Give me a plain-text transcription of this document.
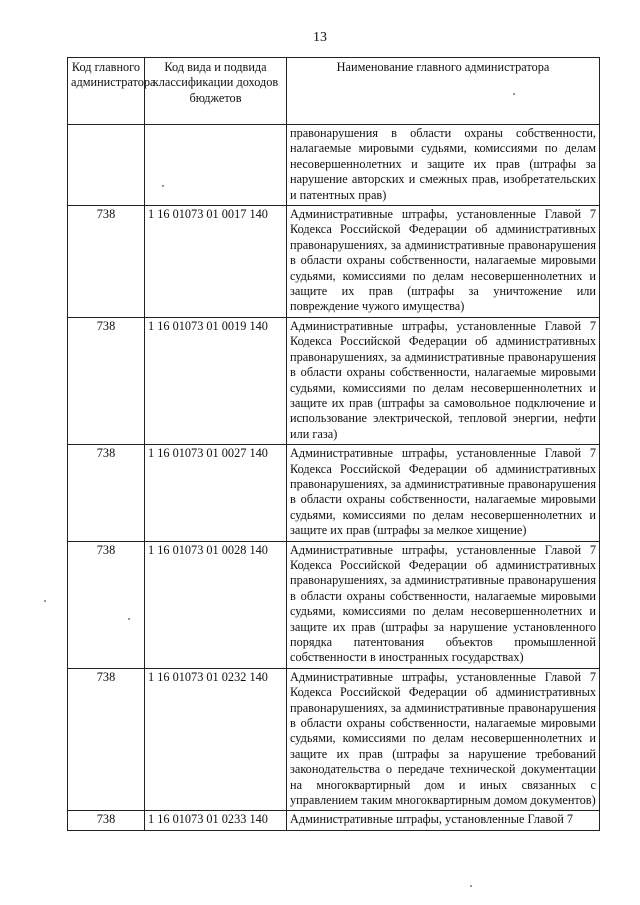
13
Код главного администратора	Код вида и подвида классификации доходов бюджетов	Наименование главного администратора
		правонарушения в области охраны собственности, налагаемые мировыми судьями, комиссиями по делам несовершеннолетних и защите их прав (штрафы за нарушение авторских и смежных прав, изобретательских и патентных прав)
738	1 16 01073 01 0017 140	Административные штрафы, установленные Главой 7 Кодекса Российской Федерации об административных правонарушениях, за административные правонарушения в области охраны собственности, налагаемые мировыми судьями, комиссиями по делам несовершеннолетних и защите их прав (штрафы за уничтожение или повреждение чужого имущества)
738	1 16 01073 01 0019 140	Административные штрафы, установленные Главой 7 Кодекса Российской Федерации об административных правонарушениях, за административные правонарушения в области охраны собственности, налагаемые мировыми судьями, комиссиями по делам несовершеннолетних и защите их прав (штрафы за самовольное подключение и использование электрической, тепловой энергии, нефти или газа)
738	1 16 01073 01 0027 140	Административные штрафы, установленные Главой 7 Кодекса Российской Федерации об административных правонарушениях, за административные правонарушения в области охраны собственности, налагаемые мировыми судьями, комиссиями по делам несовершеннолетних и защите их прав (штрафы за мелкое хищение)
738	1 16 01073 01 0028 140	Административные штрафы, установленные Главой 7 Кодекса Российской Федерации об административных правонарушениях, за административные правонарушения в области охраны собственности, налагаемые мировыми судьями, комиссиями по делам несовершеннолетних и защите их прав (штрафы за нарушение установленного порядка патентования объектов промышленной собственности в иностранных государствах)
738	1 16 01073 01 0232 140	Административные штрафы, установленные Главой 7 Кодекса Российской Федерации об административных правонарушениях, за административные правонарушения в области охраны собственности, налагаемые мировыми судьями, комиссиями по делам несовершеннолетних и защите их прав (штрафы за нарушение требований законодательства о передаче технической документации на многоквартирный дом и иных связанных с управлением таким многоквартирным домом документов)
738	1 16 01073 01 0233 140	Административные штрафы, установленные Главой 7
